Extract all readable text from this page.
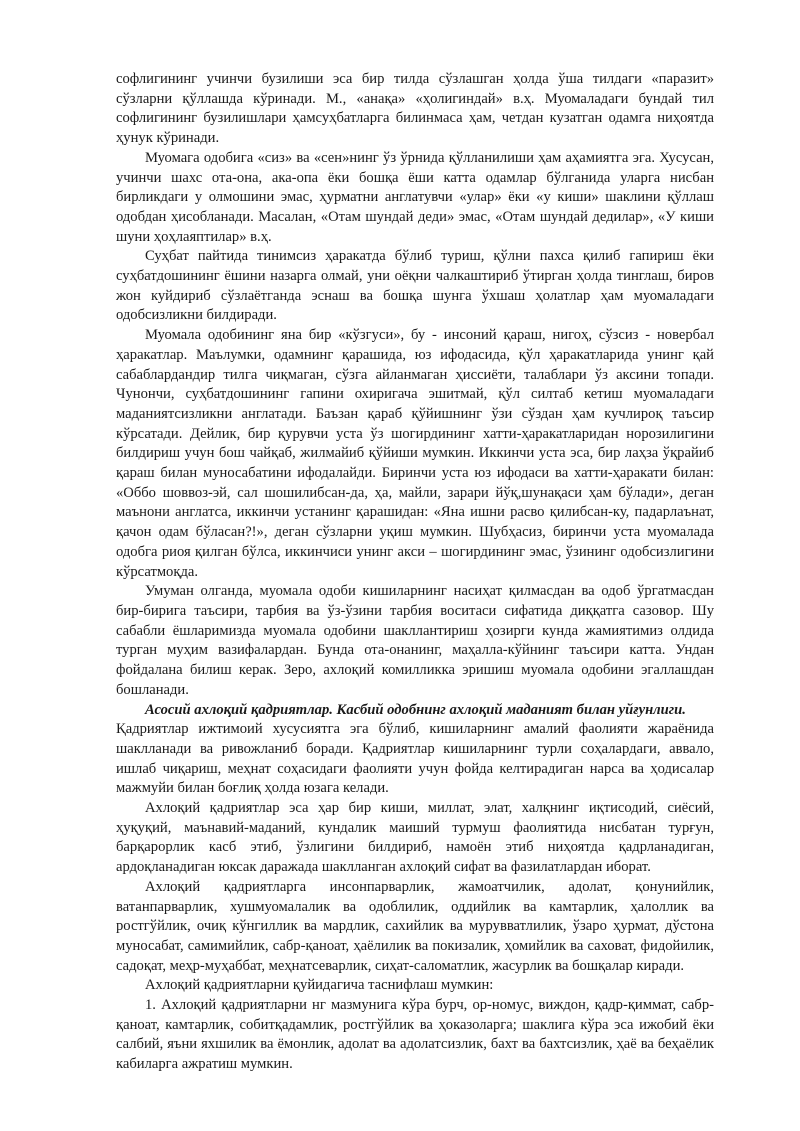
софлигининг учинчи бузилиши эса бир тилда сўзлашган ҳолда ўша тилдаги «паразит» сўзларни қўллашда кўринади. М., «анақа» «ҳолигиндай» в.ҳ. Муомаладаги бундай тил софлигининг бузилишлари ҳамсуҳбатларга билинмаса ҳам, четдан кузатган одамга ниҳоятда ҳунук кўринади.

Муомага одобига «сиз» ва «сен»нинг ўз ўрнида қўлланилиши ҳам аҳамиятга эга. Хусусан, учинчи шахс ота-она, ака-опа ёки бошқа ёши катта одамлар бўлганида уларга нисбан бирликдаги у олмошини эмас, ҳурматни англатувчи «улар» ёки «у киши» шаклини қўллаш одобдан ҳисобланади. Масалан, «Отам шундай деди» эмас, «Отам шундай дедилар», «У киши шуни ҳоҳлаяптилар» в.ҳ.

Суҳбат пайтида тинимсиз ҳаракатда бўлиб туриш, қўлни пахса қилиб гапириш ёки суҳбатдошининг ёшини назарга олмай, уни оёқни чалкаштириб ўтирган ҳолда тинглаш, биров жон куйдириб сўзлаётганда эснаш ва бошқа шунга ўхшаш ҳолатлар ҳам муомаладаги одобсизликни билдиради.

Муомала одобининг яна бир «кўзгуси», бу - инсоний қараш, нигоҳ, сўзсиз - новербал ҳаракатлар. Маълумки, одамнинг қарашида, юз ифодасида, қўл ҳаракатларида унинг қай сабаблардандир тилга чиқмаган, сўзга айланмаган ҳиссиёти, талаблари ўз аксини топади. Чунончи, суҳбатдошининг гапини охиригача эшитмай, қўл силтаб кетиш муомаладаги маданиятсизликни англатади. Баъзан қараб қўйишнинг ўзи сўздан ҳам кучлироқ таъсир кўрсатади. Дейлик, бир қурувчи уста ўз шогирдининг хатти-ҳаракатларидан норозилигини билдириш учун бош чайқаб, жилмайиб қўйиши мумкин. Иккинчи уста эса, бир лаҳза ўқрайиб қараш билан муносабатини ифодалайди. Биринчи уста юз ифодаси ва хатти-ҳаракати билан: «Оббо шоввоз-эй, сал шошилибсан-да, ҳа, майли, зарари йўқ,шунақаси ҳам бўлади», деган маънони англатса, иккинчи устанинг қарашидан: «Яна ишни расво қилибсан-ку, падарлаънат, қачон одам бўласан?!», деган сўзларни уқиш мумкин. Шубҳасиз, биринчи уста муомалада одобга риоя қилган бўлса, иккинчиси унинг акси – шогирдининг эмас, ўзининг одобсизлигини кўрсатмоқда.

Умуман олганда, муомала одоби кишиларнинг насиҳат қилмасдан ва одоб ўргатмасдан бир-бирига таъсири, тарбия ва ўз-ўзини тарбия воситаси сифатида диққатга сазовор. Шу сабабли ёшларимизда муомала одобини шакллантириш ҳозирги кунда жамиятимиз олдида турган муҳим вазифалардан. Бунда ота-онанинг, маҳалла-кўйнинг таъсири катта. Ундан фойдалана билиш керак. Зеро, ахлоқий комилликка эришиш муомала одобини эгаллашдан бошланади.

Асосий ахлоқий қадриятлар. Касбий одобнинг ахлоқий маданият билан уйғунлиги.

Қадриятлар ижтимоий хусусиятга эга бўлиб, кишиларнинг амалий фаолияти жараёнида шаклланади ва ривожланиб боради. Қадриятлар кишиларнинг турли соҳалардаги, аввало, ишлаб чиқариш, меҳнат соҳасидаги фаолияти учун фойда келтирадиган нарса ва ҳодисалар мажмуйи билан боғлиқ ҳолда юзага келади.

Ахлоқий қадриятлар эса ҳар бир киши, миллат, элат, халқнинг иқтисодий, сиёсий, ҳуқуқий, маънавий-маданий, кундалик маиший турмуш фаолиятида нисбатан турғун, барқарорлик касб этиб, ўзлигини билдириб, намоён этиб ниҳоятда қадрланадиган, ардоқланадиган юксак даражада шаклланган ахлоқий сифат ва фазилатлардан иборат.

Ахлоқий қадриятларга инсонпарварлик, жамоатчилик, адолат, қонунийлик, ватанпарварлик, хушмуомалалик ва одоблилик, оддийлик ва камтарлик, ҳалоллик ва ростгўйлик, очиқ кўнгиллик ва мардлик, сахийлик ва мурувватлилик, ўзаро ҳурмат, дўстона муносабат, самимийлик, сабр-қаноат, ҳаёлилик ва покизалик, ҳомийлик ва саховат, фидойилик, садоқат, меҳр-муҳаббат, меҳнатсеварлик, сиҳат-саломатлик, жасурлик ва бошқалар киради.

Ахлоқий қадриятларни қуйидагича таснифлаш мумкин:

1. Ахлоқий қадриятларни нг мазмунига кўра бурч, ор-номус, виждон, қадр-қиммат, сабр-қаноат, камтарлик, собитқадамлик, ростгўйлик ва ҳоказоларга; шаклига кўра эса ижобий ёки салбий, яъни яхшилик ва ёмонлик, адолат ва адолатсизлик, бахт ва бахтсизлик, ҳаё ва беҳаёлик кабиларга ажратиш мумкин.
